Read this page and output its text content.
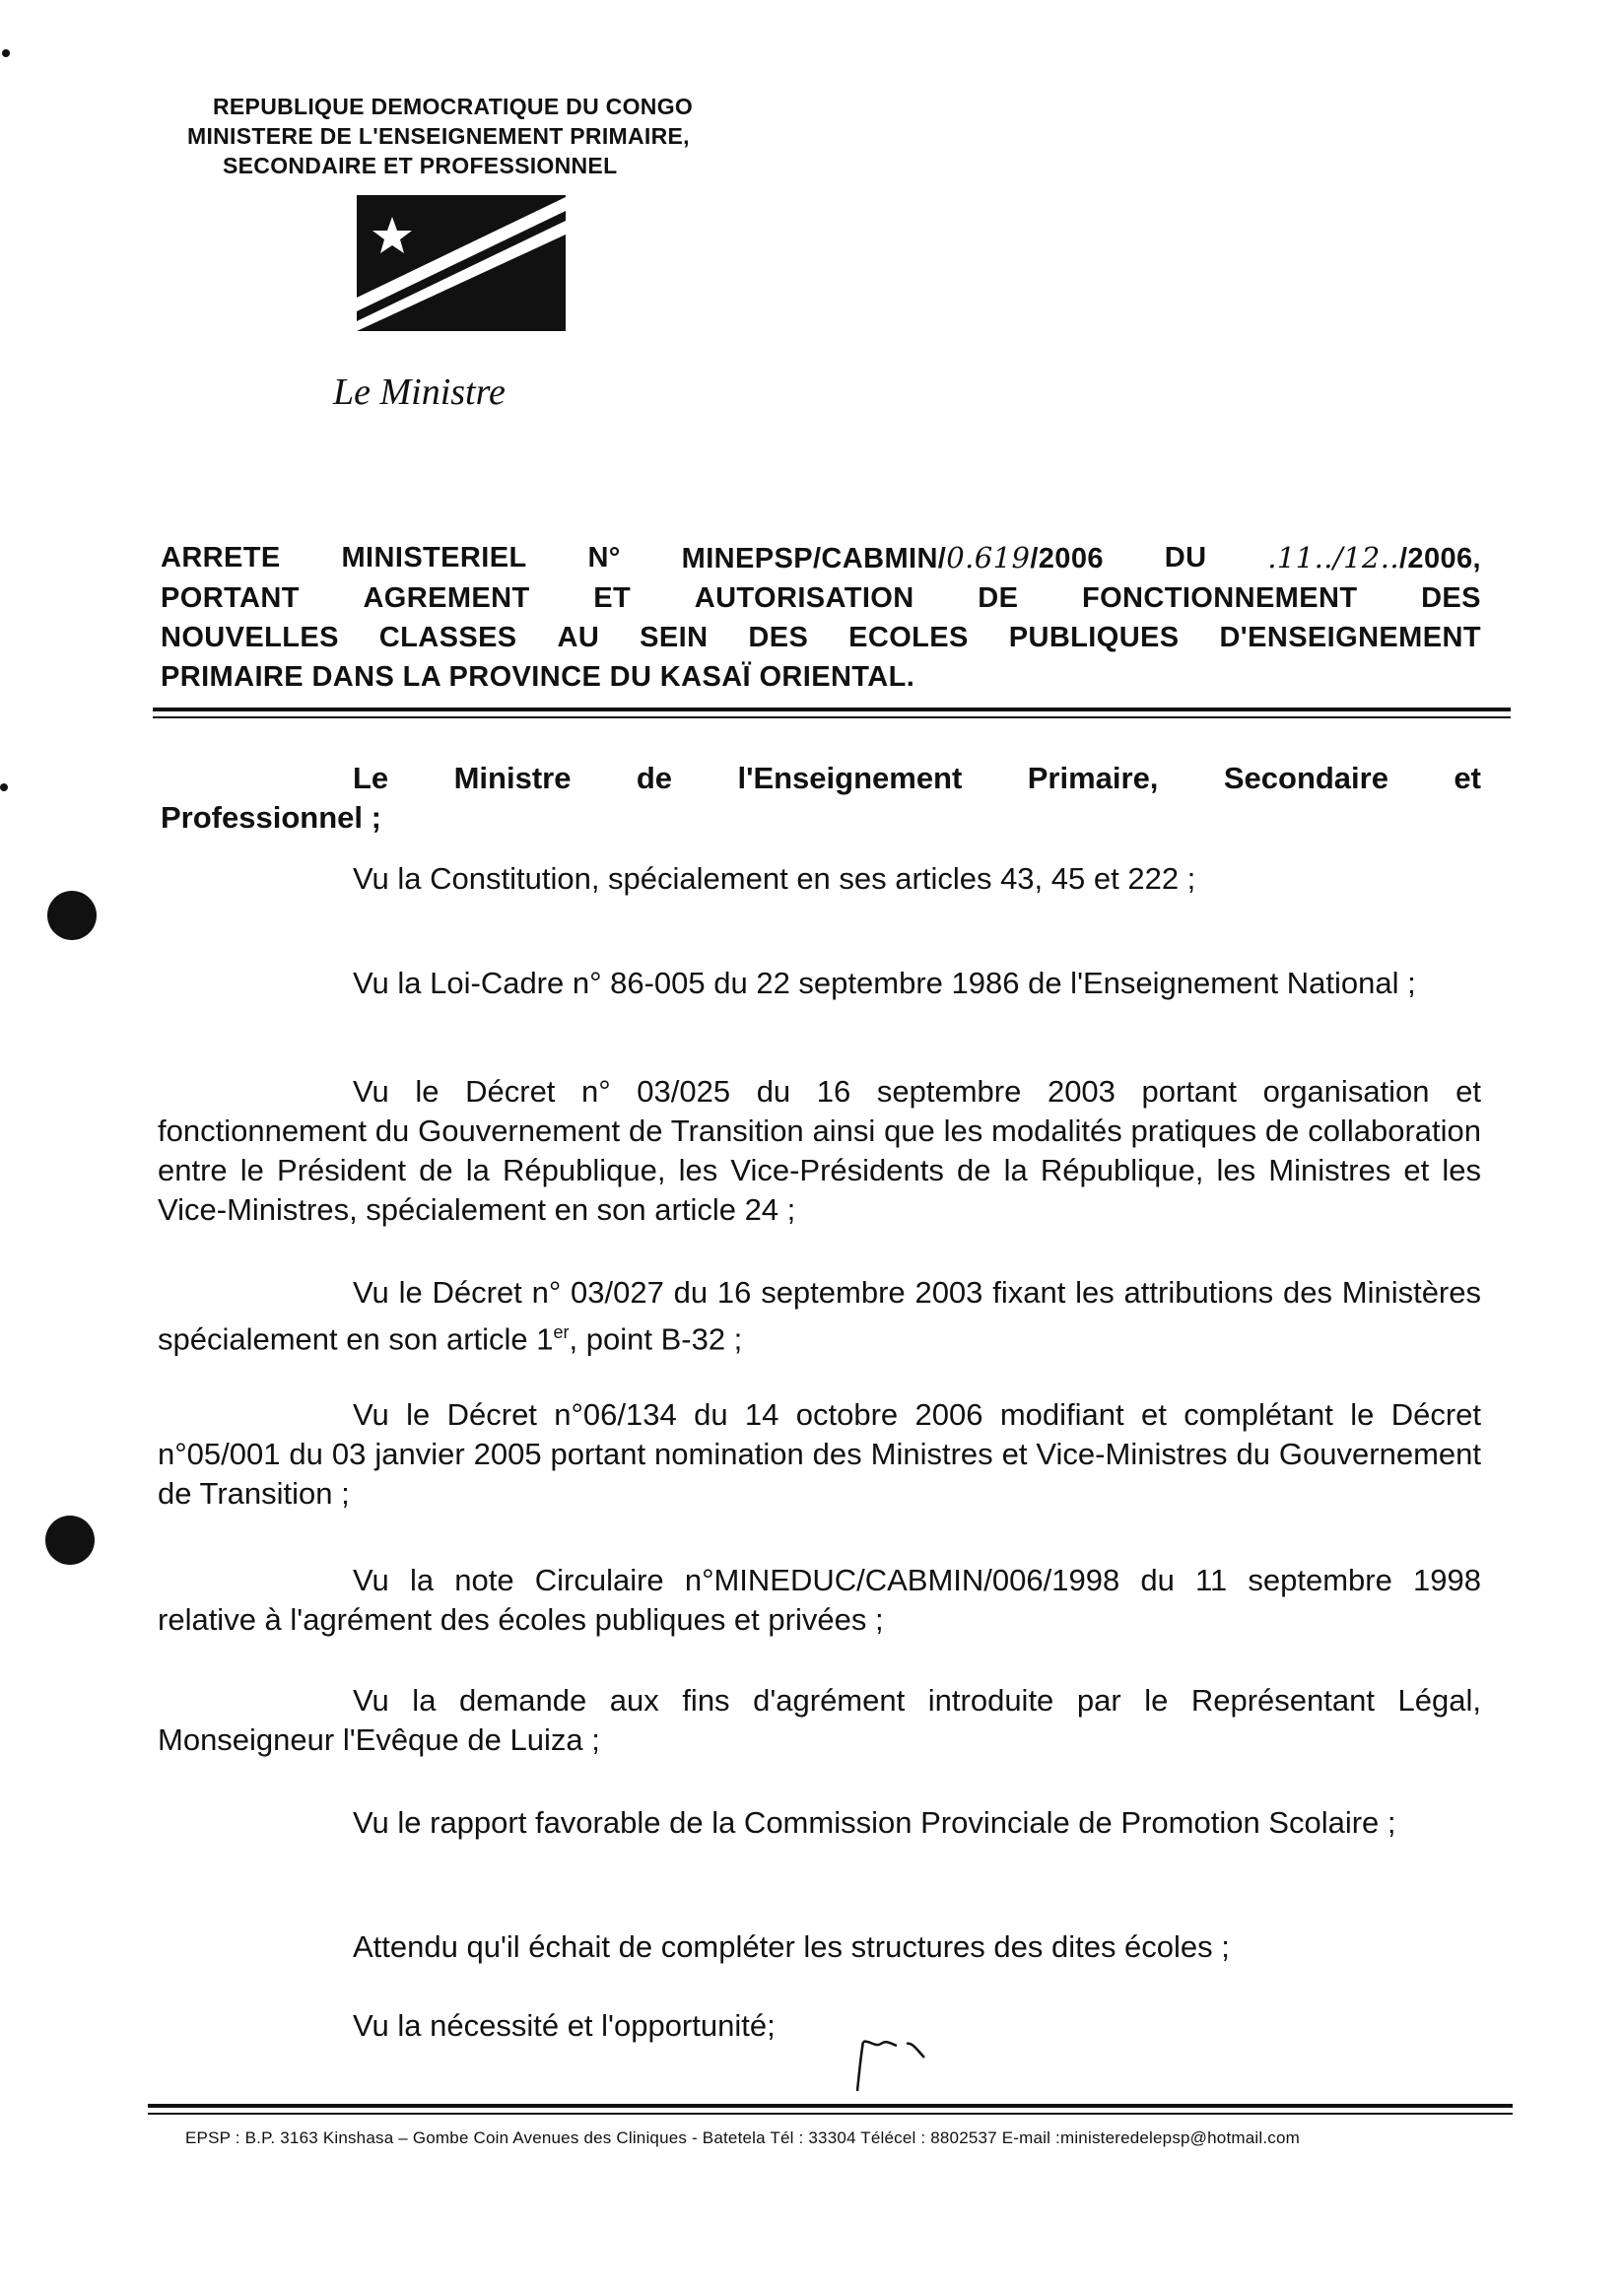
REPUBLIQUE DEMOCRATIQUE DU CONGO
MINISTERE DE L'ENSEIGNEMENT PRIMAIRE,
SECONDAIRE ET PROFESSIONNEL
Le Ministre
ARRETE MINISTERIEL N° MINEPSP/CABMIN/0.619/2006 DU .11../12../2006,
PORTANT AGREMENT ET AUTORISATION DE FONCTIONNEMENT DES
NOUVELLES CLASSES AU SEIN DES ECOLES PUBLIQUES D'ENSEIGNEMENT
PRIMAIRE DANS LA PROVINCE DU KASAÏ ORIENTAL.
Le Ministre de l'Enseignement Primaire, Secondaire et
Professionnel ;

Vu la Constitution, spécialement en ses articles 43, 45 et 222 ;

Vu la Loi-Cadre n° 86-005 du 22 septembre 1986 de l'Enseignement National ;

Vu le Décret n° 03/025 du 16 septembre 2003 portant organisation et fonctionnement du Gouvernement de Transition ainsi que les modalités pratiques de collaboration entre le Président de la République, les Vice-Présidents de la République, les Ministres et les Vice-Ministres, spécialement en son article 24 ;

Vu le Décret n° 03/027 du 16 septembre 2003 fixant les attributions des Ministères spécialement en son article 1er, point B-32 ;

Vu le Décret n°06/134 du 14 octobre 2006 modifiant et complétant le Décret n°05/001 du 03 janvier 2005 portant nomination des Ministres et Vice-Ministres du Gouvernement de Transition ;

Vu la note Circulaire n°MINEDUC/CABMIN/006/1998 du 11 septembre 1998 relative à l'agrément des écoles publiques et privées ;

Vu la demande aux fins d'agrément introduite par le Représentant Légal, Monseigneur l'Evêque de Luiza ;

Vu le rapport favorable de la Commission Provinciale de Promotion Scolaire ;

Attendu qu'il échait de compléter les structures des dites écoles ;

Vu la nécessité et l'opportunité;

EPSP : B.P. 3163 Kinshasa – Gombe Coin Avenues des Cliniques - Batetela Tél : 33304 Télécel : 8802537 E-mail :ministeredelepsp@hotmail.com
